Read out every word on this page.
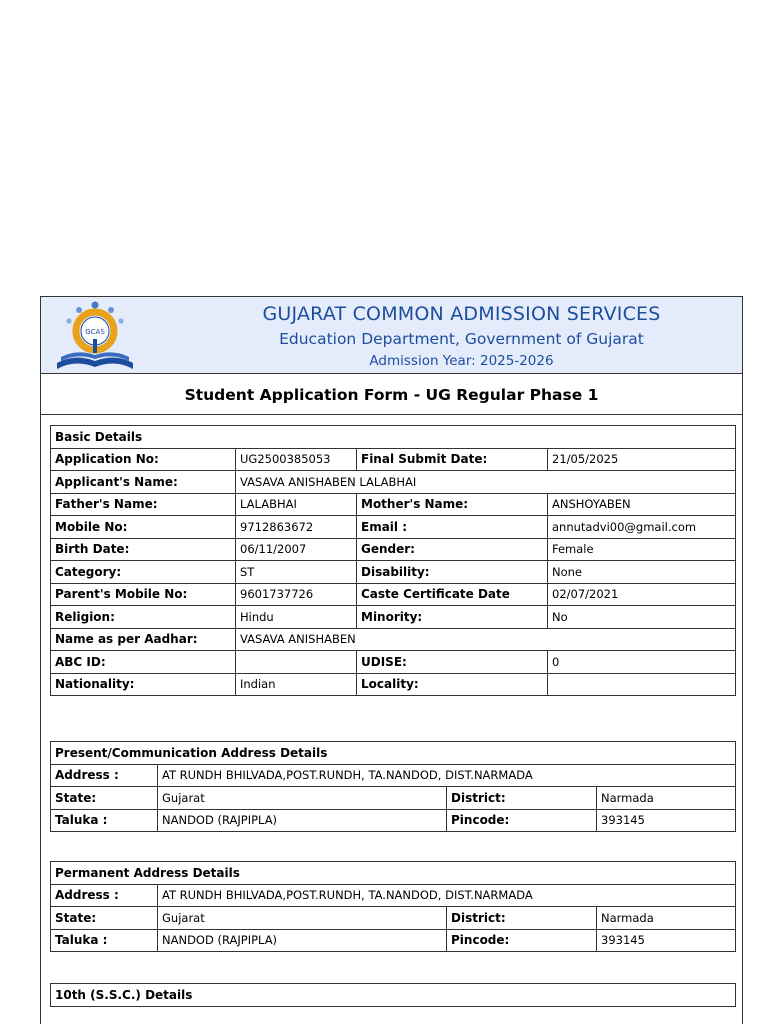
GCAS
GUJARAT COMMON ADMISSION SERVICES
Education Department, Government of Gujarat
Admission Year: 2025-2026
Student Application Form - UG Regular Phase 1
Basic Details			
Application No:	UG2500385053	Final Submit Date:	21/05/2025
Applicant's Name:	VASAVA ANISHABEN LALABHAI		
Father's Name:	LALABHAI	Mother's Name:	ANSHOYABEN
Mobile No:	9712863672	Email :	annutadvi00@gmail.com
Birth Date:	06/11/2007	Gender:	Female
Category:	ST	Disability:	None
Parent's Mobile No:	9601737726	Caste Certificate Date	02/07/2021
Religion:	Hindu	Minority:	No
Name as per Aadhar:	VASAVA ANISHABEN		
ABC ID:		UDISE:	0
Nationality:	Indian	Locality:	
Present/Communication Address Details			
Address :	AT RUNDH BHILVADA,POST.RUNDH, TA.NANDOD, DIST.NARMADA		
State:	Gujarat	District:	Narmada
Taluka :	NANDOD (RAJPIPLA)	Pincode:	393145
Permanent Address Details			
Address :	AT RUNDH BHILVADA,POST.RUNDH, TA.NANDOD, DIST.NARMADA		
State:	Gujarat	District:	Narmada
Taluka :	NANDOD (RAJPIPLA)	Pincode:	393145
10th (S.S.C.) Details
